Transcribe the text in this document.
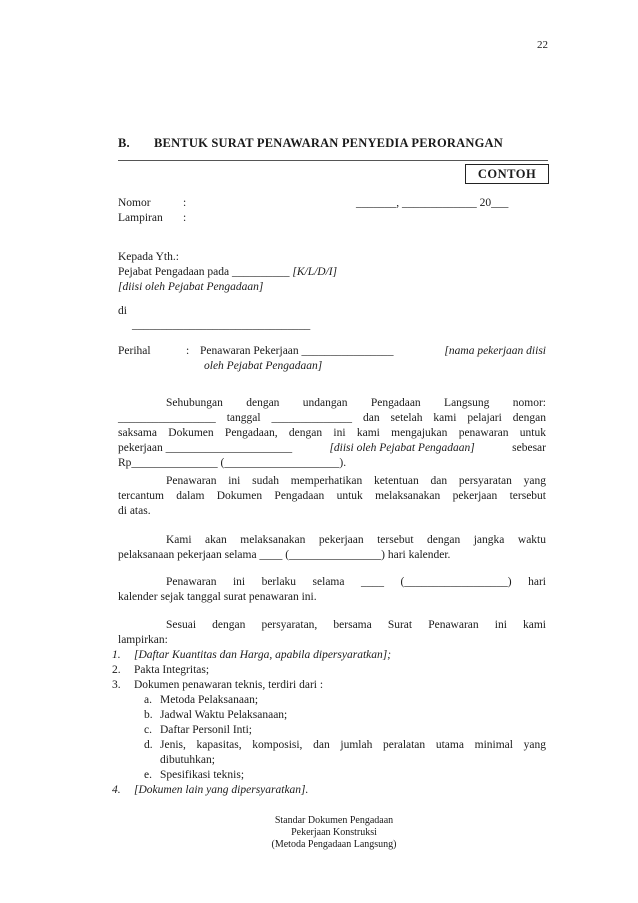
22
B. BENTUK SURAT PENAWARAN PENYEDIA PERORANGAN
CONTOH
Nomor	:	_______, _____________ 20___
Lampiran :
Kepada Yth.:
Pejabat Pengadaan pada __________ [K/L/D/I]
[diisi oleh Pejabat Pengadaan]
di
_______________________________
Perihal	: Penawaran Pekerjaan ________________	[nama pekerjaan diisi
oleh Pejabat Pengadaan]
Sehubungan dengan undangan Pengadaan Langsung nomor:
_________________ tanggal ______________ dan setelah kami pelajari dengan
saksama Dokumen Pengadaan, dengan ini kami mengajukan penawaran untuk
pekerjaan ______________________	[diisi oleh Pejabat Pengadaan]	sebesar
Rp_______________ (____________________).
Penawaran ini sudah memperhatikan ketentuan dan persyaratan yang
tercantum dalam Dokumen Pengadaan untuk melaksanakan pekerjaan tersebut
di atas.
Kami akan melaksanakan pekerjaan tersebut dengan jangka waktu
pelaksanaan pekerjaan selama ____ (________________) hari kalender.
Penawaran ini berlaku selama ____ (__________________) hari
kalender sejak tanggal surat penawaran ini.
Sesuai dengan persyaratan, bersama Surat Penawaran ini kami
lampirkan:
1.	[Daftar Kuantitas dan Harga, apabila dipersyaratkan];
2.	Pakta Integritas;
3.	Dokumen penawaran teknis, terdiri dari :
a. Metoda Pelaksanaan;
b. Jadwal Waktu Pelaksanaan;
c. Daftar Personil Inti;
d. Jenis, kapasitas, komposisi, dan jumlah peralatan utama minimal yang
dibutuhkan;
e. Spesifikasi teknis;
4.	[Dokumen lain yang dipersyaratkan].
Standar Dokumen Pengadaan
Pekerjaan Konstruksi
(Metoda Pengadaan Langsung)
